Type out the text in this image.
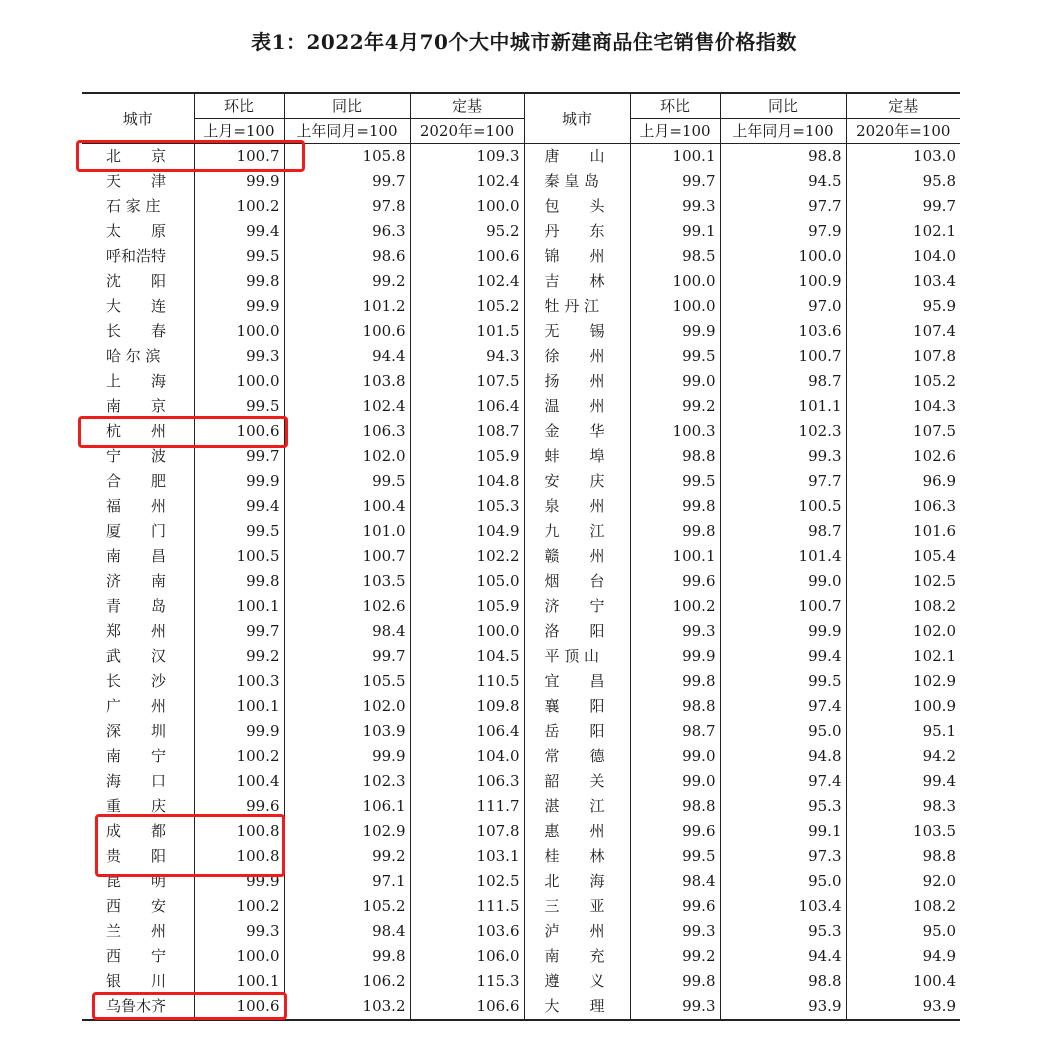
表1：2022年4月70个大中城市新建商品住宅销售价格指数
城市	环比	同比	定基	城市	环比	同比	定基
	上月=100	上年同月=100	2020年=100		上月=100	上年同月=100	2020年=100
北　　京	100.7	105.8	109.3	唐　　山	100.1	98.8	103.0
天　　津	99.9	99.7	102.4	秦 皇 岛	99.7	94.5	95.8
石 家 庄	100.2	97.8	100.0	包　　头	99.3	97.7	99.7
太　　原	99.4	96.3	95.2	丹　　东	99.1	97.9	102.1
呼和浩特	99.5	98.6	100.6	锦　　州	98.5	100.0	104.0
沈　　阳	99.8	99.2	102.4	吉　　林	100.0	100.9	103.4
大　　连	99.9	101.2	105.2	牡 丹 江	100.0	97.0	95.9
长　　春	100.0	100.6	101.5	无　　锡	99.9	103.6	107.4
哈 尔 滨	99.3	94.4	94.3	徐　　州	99.5	100.7	107.8
上　　海	100.0	103.8	107.5	扬　　州	99.0	98.7	105.2
南　　京	99.5	102.4	106.4	温　　州	99.2	101.1	104.3
杭　　州	100.6	106.3	108.7	金　　华	100.3	102.3	107.5
宁　　波	99.7	102.0	105.9	蚌　　埠	98.8	99.3	102.6
合　　肥	99.9	99.5	104.8	安　　庆	99.5	97.7	96.9
福　　州	99.4	100.4	105.3	泉　　州	99.8	100.5	106.3
厦　　门	99.5	101.0	104.9	九　　江	99.8	98.7	101.6
南　　昌	100.5	100.7	102.2	赣　　州	100.1	101.4	105.4
济　　南	99.8	103.5	105.0	烟　　台	99.6	99.0	102.5
青　　岛	100.1	102.6	105.9	济　　宁	100.2	100.7	108.2
郑　　州	99.7	98.4	100.0	洛　　阳	99.3	99.9	102.0
武　　汉	99.2	99.7	104.5	平 顶 山	99.9	99.4	102.1
长　　沙	100.3	105.5	110.5	宜　　昌	99.8	99.5	102.9
广　　州	100.1	102.0	109.8	襄　　阳	98.8	97.4	100.9
深　　圳	99.9	103.9	106.4	岳　　阳	98.7	95.0	95.1
南　　宁	100.2	99.9	104.0	常　　德	99.0	94.8	94.2
海　　口	100.4	102.3	106.3	韶　　关	99.0	97.4	99.4
重　　庆	99.6	106.1	111.7	湛　　江	98.8	95.3	98.3
成　　都	100.8	102.9	107.8	惠　　州	99.6	99.1	103.5
贵　　阳	100.8	99.2	103.1	桂　　林	99.5	97.3	98.8
昆　　明	99.9	97.1	102.5	北　　海	98.4	95.0	92.0
西　　安	100.2	105.2	111.5	三　　亚	99.6	103.4	108.2
兰　　州	99.3	98.4	103.6	泸　　州	99.3	95.3	95.0
西　　宁	100.0	99.8	106.0	南　　充	99.2	94.4	94.9
银　　川	100.1	106.2	115.3	遵　　义	99.8	98.8	100.4
乌鲁木齐	100.6	103.2	106.6	大　　理	99.3	93.9	93.9
